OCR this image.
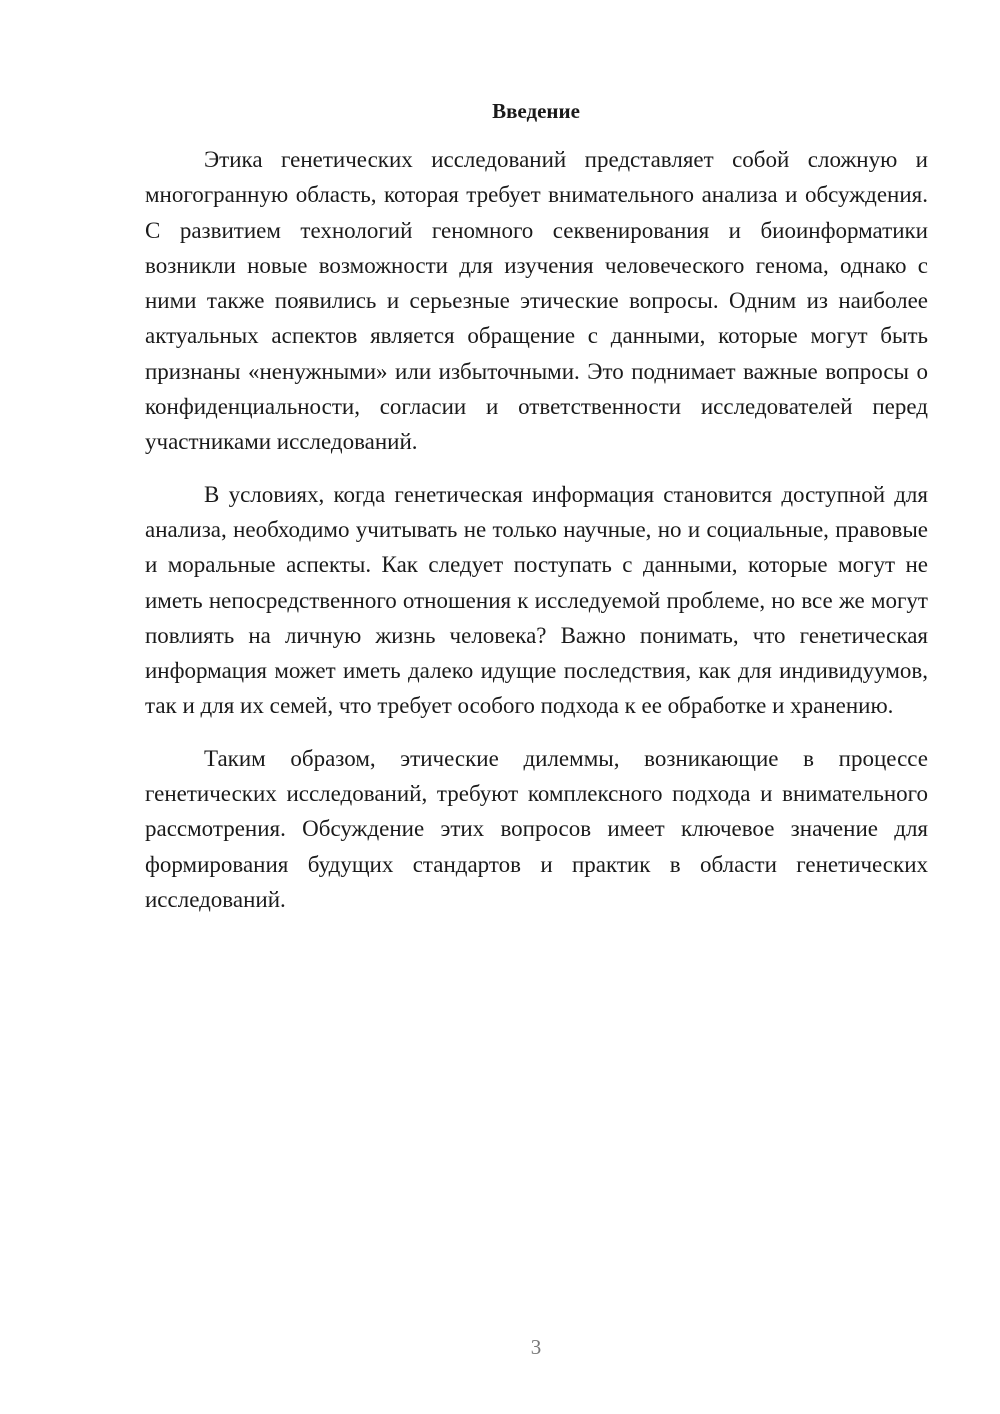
Введение

Этика генетических исследований представляет собой сложную и многогранную область, которая требует внимательного анализа и обсуждения. С развитием технологий геномного секвенирования и биоинформатики возникли новые возможности для изучения человеческого генома, однако с ними также появились и серьезные этические вопросы. Одним из наиболее актуальных аспектов является обращение с данными, которые могут быть признаны «ненужными» или избыточными. Это поднимает важные вопросы о конфиденциальности, согласии и ответственности исследователей перед участниками исследований.

В условиях, когда генетическая информация становится доступной для анализа, необходимо учитывать не только научные, но и социальные, правовые и моральные аспекты. Как следует поступать с данными, которые могут не иметь непосредственного отношения к исследуемой проблеме, но все же могут повлиять на личную жизнь человека? Важно понимать, что генетическая информация может иметь далеко идущие последствия, как для индивидуумов, так и для их семей, что требует особого подхода к ее обработке и хранению.

Таким образом, этические дилеммы, возникающие в процессе генетических исследований, требуют комплексного подхода и внимательного рассмотрения. Обсуждение этих вопросов имеет ключевое значение для формирования будущих стандартов и практик в области генетических исследований.

3
